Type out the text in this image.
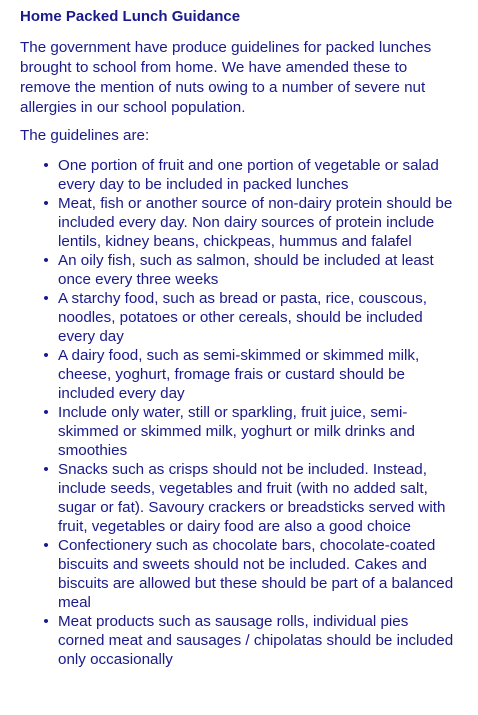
Home Packed Lunch Guidance

The government have produce guidelines for packed lunches brought to school from home. We have amended these to remove the mention of nuts owing to a number of severe nut allergies in our school population.

The guidelines are:

• One portion of fruit and one portion of vegetable or salad every day to be included in packed lunches
• Meat, fish or another source of non-dairy protein should be included every day. Non dairy sources of protein include lentils, kidney beans, chickpeas, hummus and falafel
• An oily fish, such as salmon, should be included at least once every three weeks
• A starchy food, such as bread or pasta, rice, couscous, noodles, potatoes or other cereals, should be included every day
• A dairy food, such as semi-skimmed or skimmed milk, cheese, yoghurt, fromage frais or custard should be included every day
• Include only water, still or sparkling, fruit juice, semi-skimmed or skimmed milk, yoghurt or milk drinks and smoothies
• Snacks such as crisps should not be included. Instead, include seeds, vegetables and fruit (with no added salt, sugar or fat). Savoury crackers or breadsticks served with fruit, vegetables or dairy food are also a good choice
• Confectionery such as chocolate bars, chocolate-coated biscuits and sweets should not be included. Cakes and biscuits are allowed but these should be part of a balanced meal
• Meat products such as sausage rolls, individual pies corned meat and sausages / chipolatas should be included only occasionally
